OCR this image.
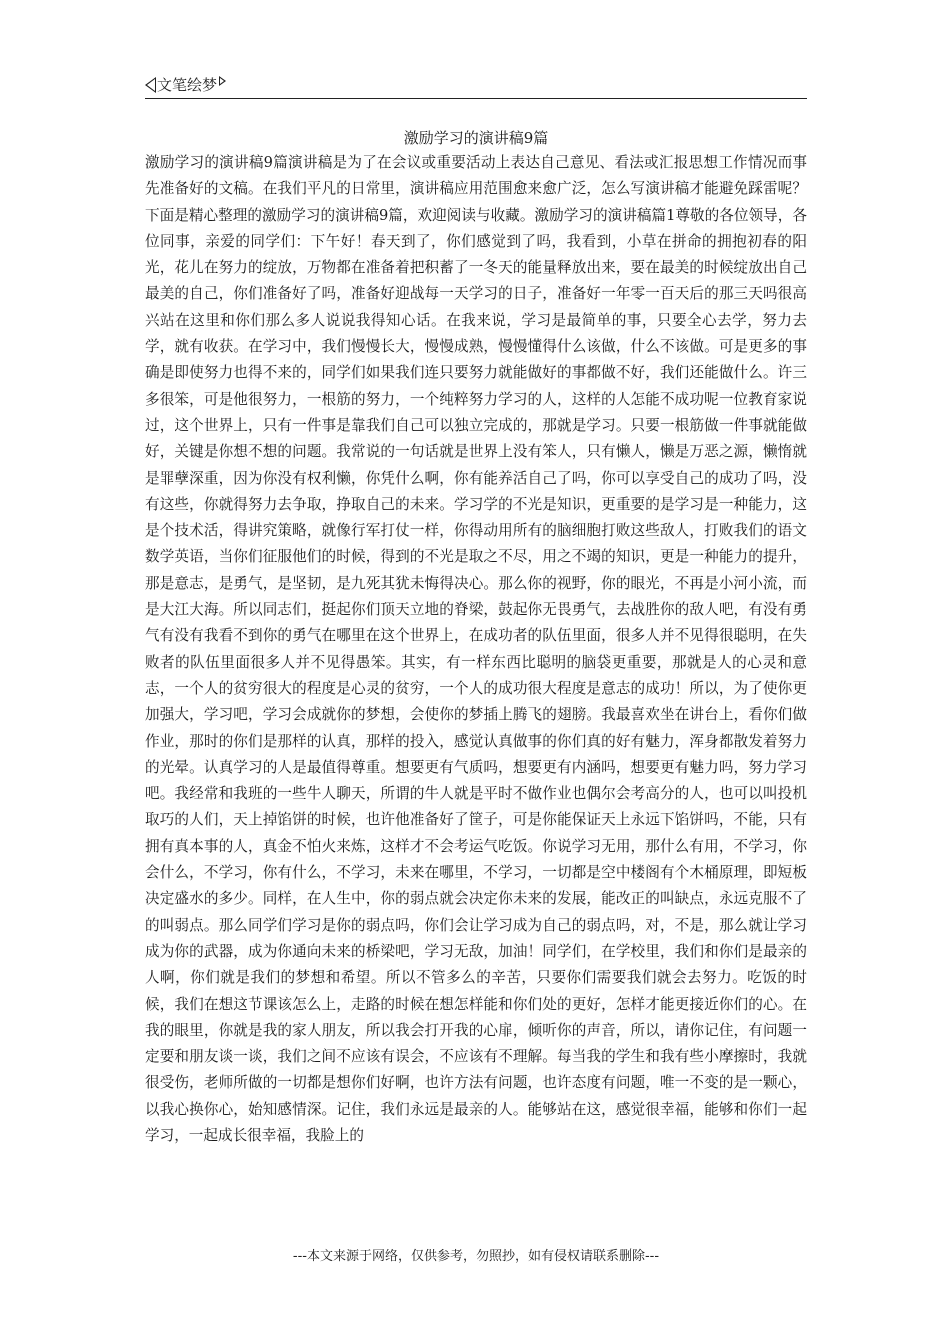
文笔绘梦
激励学习的演讲稿9篇

激励学习的演讲稿9篇演讲稿是为了在会议或重要活动上表达自己意见、看法或汇报思想工作情况而事先准备好的文稿。在我们平凡的日常里，演讲稿应用范围愈来愈广泛，怎么写演讲稿才能避免踩雷呢？下面是精心整理的激励学习的演讲稿9篇，欢迎阅读与收藏。激励学习的演讲稿篇1尊敬的各位领导，各位同事，亲爱的同学们：下午好！春天到了，你们感觉到了吗，我看到，小草在拼命的拥抱初春的阳光，花儿在努力的绽放，万物都在准备着把积蓄了一冬天的能量释放出来，要在最美的时候绽放出自己最美的自己，你们准备好了吗，准备好迎战每一天学习的日子，准备好一年零一百天后的那三天吗很高兴站在这里和你们那么多人说说我得知心话。在我来说，学习是最简单的事，只要全心去学，努力去学，就有收获。在学习中，我们慢慢长大，慢慢成熟，慢慢懂得什么该做，什么不该做。可是更多的事确是即使努力也得不来的，同学们如果我们连只要努力就能做好的事都做不好，我们还能做什么。许三多很笨，可是他很努力，一根筋的努力，一个纯粹努力学习的人，这样的人怎能不成功呢一位教育家说过，这个世界上，只有一件事是靠我们自己可以独立完成的，那就是学习。只要一根筋做一件事就能做好，关键是你想不想的问题。我常说的一句话就是世界上没有笨人，只有懒人，懒是万恶之源，懒惰就是罪孽深重，因为你没有权利懒，你凭什么啊，你有能养活自己了吗，你可以享受自己的成功了吗，没有这些，你就得努力去争取，挣取自己的未来。学习学的不光是知识，更重要的是学习是一种能力，这是个技术活，得讲究策略，就像行军打仗一样，你得动用所有的脑细胞打败这些敌人，打败我们的语文数学英语，当你们征服他们的时候，得到的不光是取之不尽，用之不竭的知识，更是一种能力的提升，那是意志，是勇气，是坚韧，是九死其犹未悔得决心。那么你的视野，你的眼光，不再是小河小流，而是大江大海。所以同志们，挺起你们顶天立地的脊梁，鼓起你无畏勇气，去战胜你的敌人吧，有没有勇气有没有我看不到你的勇气在哪里在这个世界上，在成功者的队伍里面，很多人并不见得很聪明，在失败者的队伍里面很多人并不见得愚笨。其实，有一样东西比聪明的脑袋更重要，那就是人的心灵和意志，一个人的贫穷很大的程度是心灵的贫穷，一个人的成功很大程度是意志的成功！所以，为了使你更加强大，学习吧，学习会成就你的梦想，会使你的梦插上腾飞的翅膀。我最喜欢坐在讲台上，看你们做作业，那时的你们是那样的认真，那样的投入，感觉认真做事的你们真的好有魅力，浑身都散发着努力的光晕。认真学习的人是最值得尊重。想要更有气质吗，想要更有内涵吗，想要更有魅力吗，努力学习吧。我经常和我班的一些牛人聊天，所谓的牛人就是平时不做作业也偶尔会考高分的人，也可以叫投机取巧的人们，天上掉馅饼的时候，也许他准备好了筐子，可是你能保证天上永远下馅饼吗，不能，只有拥有真本事的人，真金不怕火来炼，这样才不会考运气吃饭。你说学习无用，那什么有用，不学习，你会什么，不学习，你有什么，不学习，未来在哪里，不学习，一切都是空中楼阁有个木桶原理，即短板决定盛水的多少。同样，在人生中，你的弱点就会决定你未来的发展，能改正的叫缺点，永远克服不了的叫弱点。那么同学们学习是你的弱点吗，你们会让学习成为自己的弱点吗，对，不是，那么就让学习成为你的武器，成为你通向未来的桥梁吧，学习无敌，加油！同学们，在学校里，我们和你们是最亲的人啊，你们就是我们的梦想和希望。所以不管多么的辛苦，只要你们需要我们就会去努力。吃饭的时候，我们在想这节课该怎么上，走路的时候在想怎样能和你们处的更好，怎样才能更接近你们的心。在我的眼里，你就是我的家人朋友，所以我会打开我的心扉，倾听你的声音，所以，请你记住，有问题一定要和朋友谈一谈，我们之间不应该有误会，不应该有不理解。每当我的学生和我有些小摩擦时，我就很受伤，老师所做的一切都是想你们好啊，也许方法有问题，也许态度有问题，唯一不变的是一颗心，以我心换你心，始知感情深。记住，我们永远是最亲的人。能够站在这，感觉很幸福，能够和你们一起学习，一起成长很幸福，我脸上的

---本文来源于网络，仅供参考，勿照抄，如有侵权请联系删除---
